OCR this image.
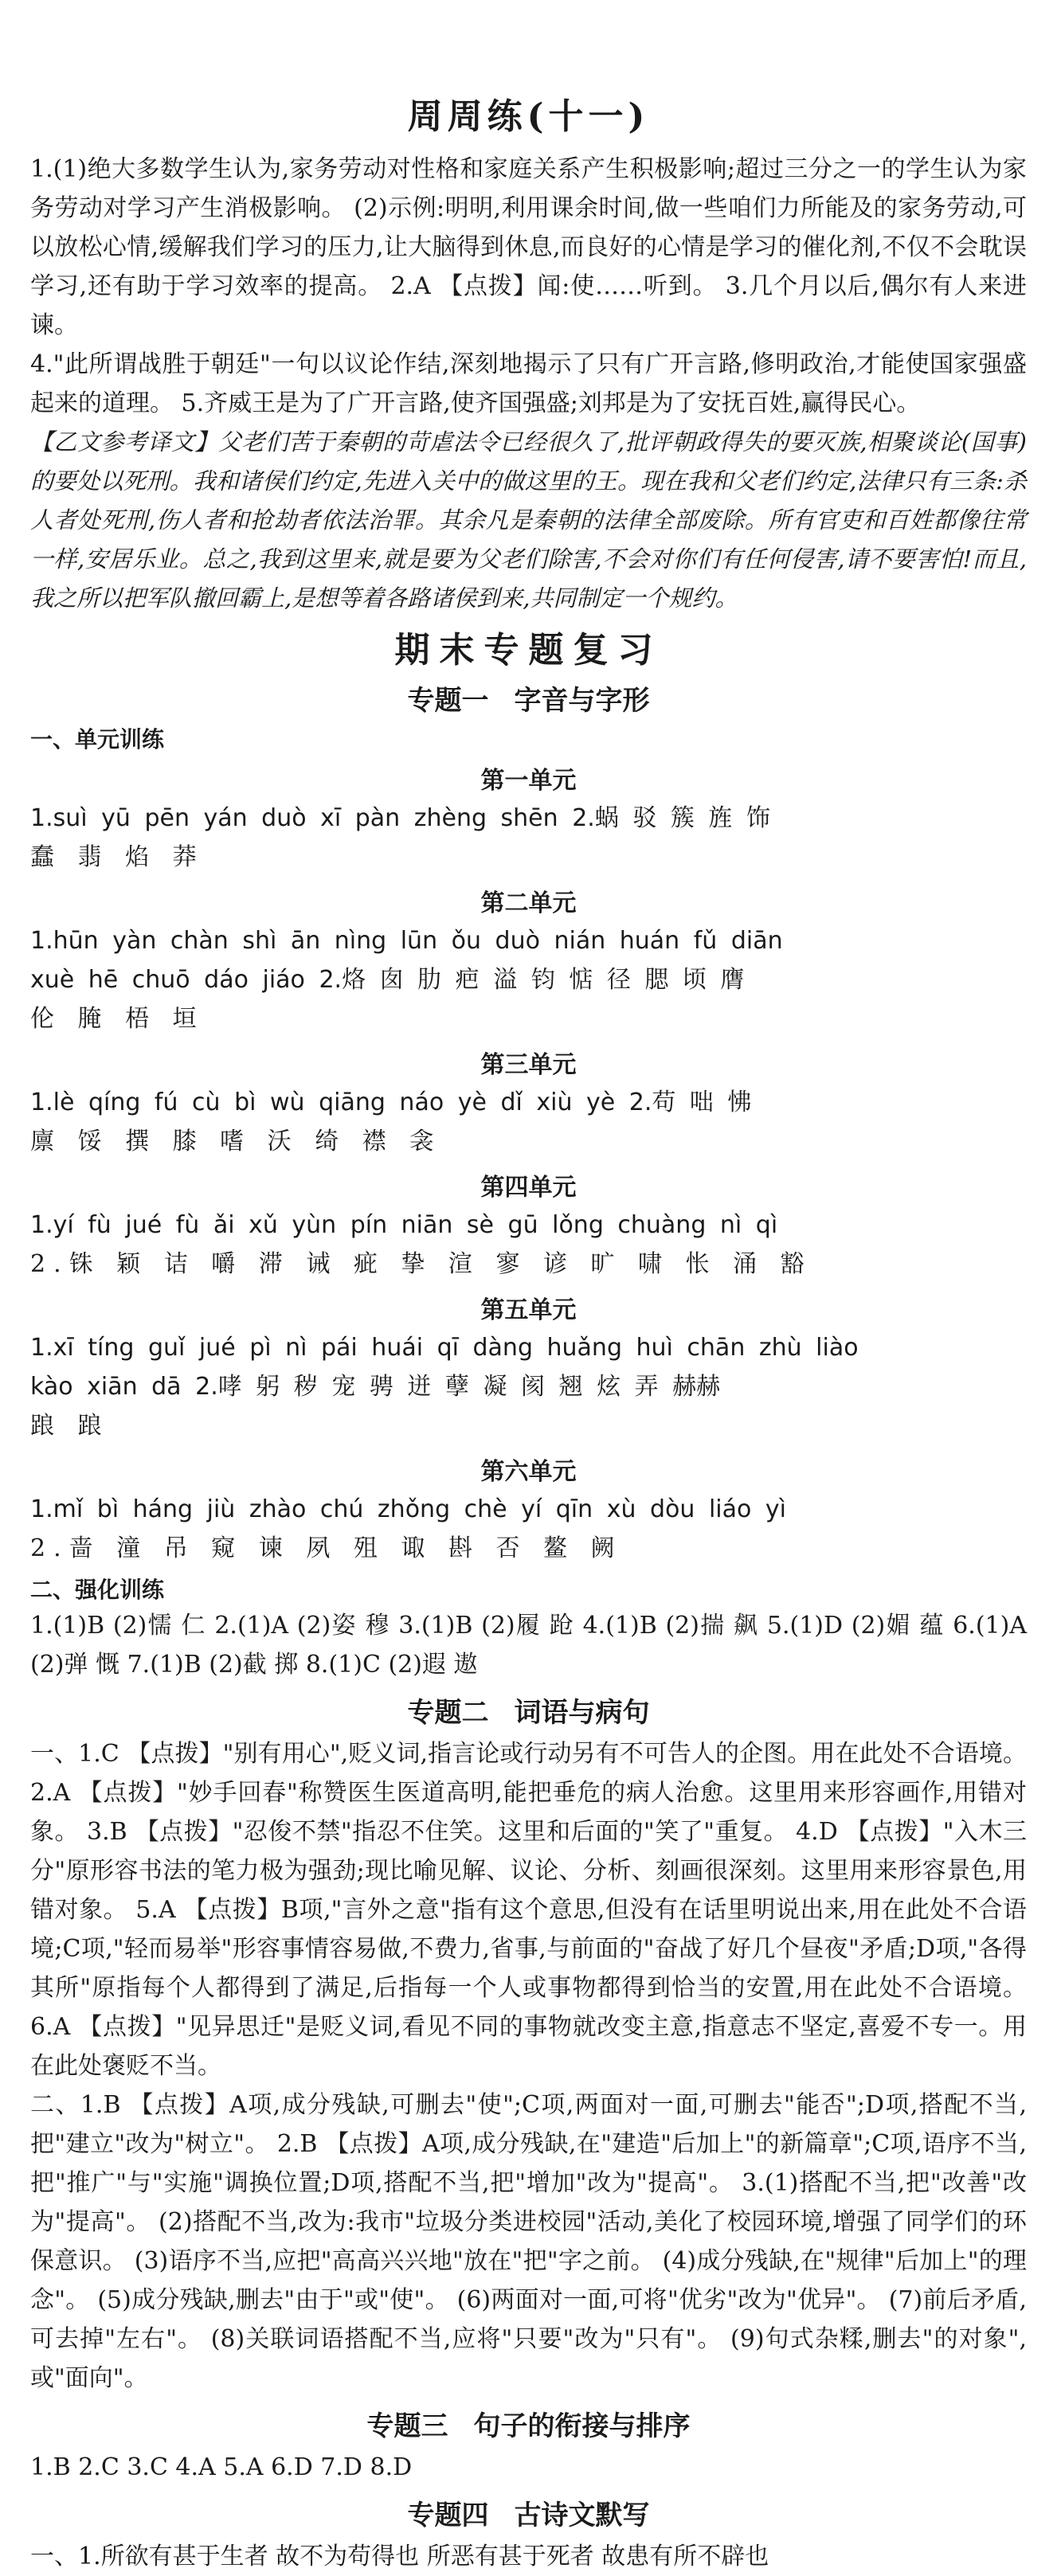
周周练(十一)

1.(1)绝大多数学生认为,家务劳动对性格和家庭关系产生积极影响;超过三分之一的学生认为家务劳动对学习产生消极影响。 (2)示例:明明,利用课余时间,做一些咱们力所能及的家务劳动,可以放松心情,缓解我们学习的压力,让大脑得到休息,而良好的心情是学习的催化剂,不仅不会耽误学习,还有助于学习效率的提高。 2.A 【点拨】闻:使……听到。 3.几个月以后,偶尔有人来进谏。

4."此所谓战胜于朝廷"一句以议论作结,深刻地揭示了只有广开言路,修明政治,才能使国家强盛起来的道理。 5.齐威王是为了广开言路,使齐国强盛;刘邦是为了安抚百姓,赢得民心。

【乙文参考译文】父老们苦于秦朝的苛虐法令已经很久了,批评朝政得失的要灭族,相聚谈论(国事)的要处以死刑。我和诸侯们约定,先进入关中的做这里的王。现在我和父老们约定,法律只有三条:杀人者处死刑,伤人者和抢劫者依法治罪。其余凡是秦朝的法律全部废除。所有官吏和百姓都像往常一样,安居乐业。总之,我到这里来,就是要为父老们除害,不会对你们有任何侵害,请不要害怕!而且,我之所以把军队撤回霸上,是想等着各路诸侯到来,共同制定一个规约。

期末专题复习
专题一 字音与字形
一、单元训练
第一单元

1.suì yū pēn yán duò xī pàn zhèng shēn 2.蜗 驳 簇 旌 饰

蠢 翡 焰 莽

第二单元

1.hūn yàn chàn shì ān nìng lūn ǒu duò nián huán fǔ diān

xuè hē chuō dáo jiáo 2.烙 囱 肋 疤 溢 钧 惦 径 腮 顷 膺

伦 腌 梧 垣

第三单元

1.lè qíng fú cù bì wù qiāng náo yè dǐ xiù yè 2.苟 咄 怫

廪 馁 撰 膝 嗜 沃 绮 襟 衾

第四单元

1.yí fù jué fù ǎi xǔ yùn pín niān sè gū lǒng chuàng nì qì

2.铢 颖 诘 嚼 滞 诫 疵 挚 渲 寥 谚 旷 啸 怅 涌 豁

第五单元

1.xī tíng guǐ jué pì nì pái huái qī dàng huǎng huì chān zhù liào

kào xiān dā 2.哮 躬 秽 宠 骋 迸 孽 凝 阂 翘 炫 弄 赫赫

踉 踉

第六单元

1.mǐ bì háng jiù zhào chú zhǒng chè yí qīn xù dòu liáo yì

2.啬 潼 吊 窥 谏 夙 殂 诹 斟 否 鳌 阙

二、强化训练

1.(1)B (2)懦 仁 2.(1)A (2)姿 穆 3.(1)B (2)履 跄 4.(1)B (2)揣 飙 5.(1)D (2)媚 蕴 6.(1)A (2)弹 慨 7.(1)B (2)截 掷 8.(1)C (2)遐 遨

专题二 词语与病句

一、1.C 【点拨】"别有用心",贬义词,指言论或行动另有不可告人的企图。用在此处不合语境。 2.A 【点拨】"妙手回春"称赞医生医道高明,能把垂危的病人治愈。这里用来形容画作,用错对象。 3.B 【点拨】"忍俊不禁"指忍不住笑。这里和后面的"笑了"重复。 4.D 【点拨】"入木三分"原形容书法的笔力极为强劲;现比喻见解、议论、分析、刻画很深刻。这里用来形容景色,用错对象。 5.A 【点拨】B项,"言外之意"指有这个意思,但没有在话里明说出来,用在此处不合语境;C项,"轻而易举"形容事情容易做,不费力,省事,与前面的"奋战了好几个昼夜"矛盾;D项,"各得其所"原指每个人都得到了满足,后指每一个人或事物都得到恰当的安置,用在此处不合语境。 6.A 【点拨】"见异思迁"是贬义词,看见不同的事物就改变主意,指意志不坚定,喜爱不专一。用在此处褒贬不当。

二、1.B 【点拨】A项,成分残缺,可删去"使";C项,两面对一面,可删去"能否";D项,搭配不当,把"建立"改为"树立"。 2.B 【点拨】A项,成分残缺,在"建造"后加上"的新篇章";C项,语序不当,把"推广"与"实施"调换位置;D项,搭配不当,把"增加"改为"提高"。 3.(1)搭配不当,把"改善"改为"提高"。 (2)搭配不当,改为:我市"垃圾分类进校园"活动,美化了校园环境,增强了同学们的环保意识。 (3)语序不当,应把"高高兴兴地"放在"把"字之前。 (4)成分残缺,在"规律"后加上"的理念"。 (5)成分残缺,删去"由于"或"使"。 (6)两面对一面,可将"优劣"改为"优异"。 (7)前后矛盾,可去掉"左右"。 (8)关联词语搭配不当,应将"只要"改为"只有"。 (9)句式杂糅,删去"的对象",或"面向"。

专题三 句子的衔接与排序

1.B 2.C 3.C 4.A 5.A 6.D 7.D 8.D

专题四 古诗文默写

一、1.所欲有甚于生者 故不为苟得也 所恶有甚于死者 故患有所不辟也
